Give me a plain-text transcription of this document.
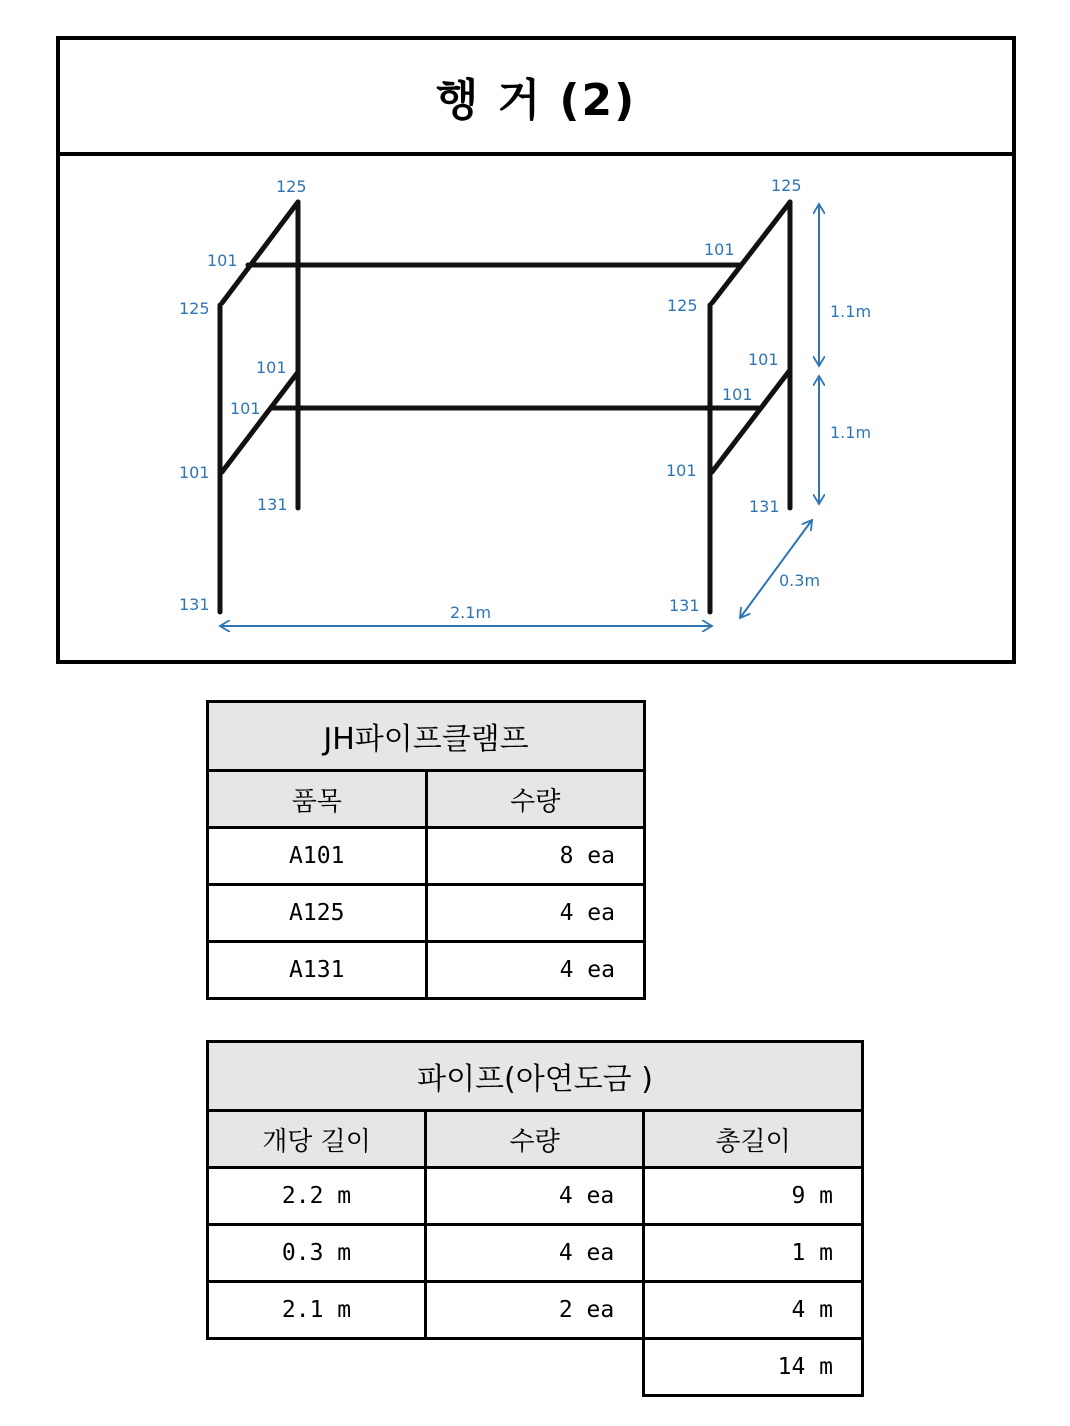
행 거 (2)
125	125
101
101
125	125
101	101
101
101
101	101
131	131
131	131
1.1m
1.1m
0.3m
2.1m
JH파이프클램프	
품목	수량
A101	8 ea
A125	4 ea
A131	4 ea
파이프(아연도금 )		
개당 길이	수량	총길이
2.2 m	4 ea	9 m
0.3 m	4 ea	1 m
2.1 m	2 ea	4 m
		14 m
